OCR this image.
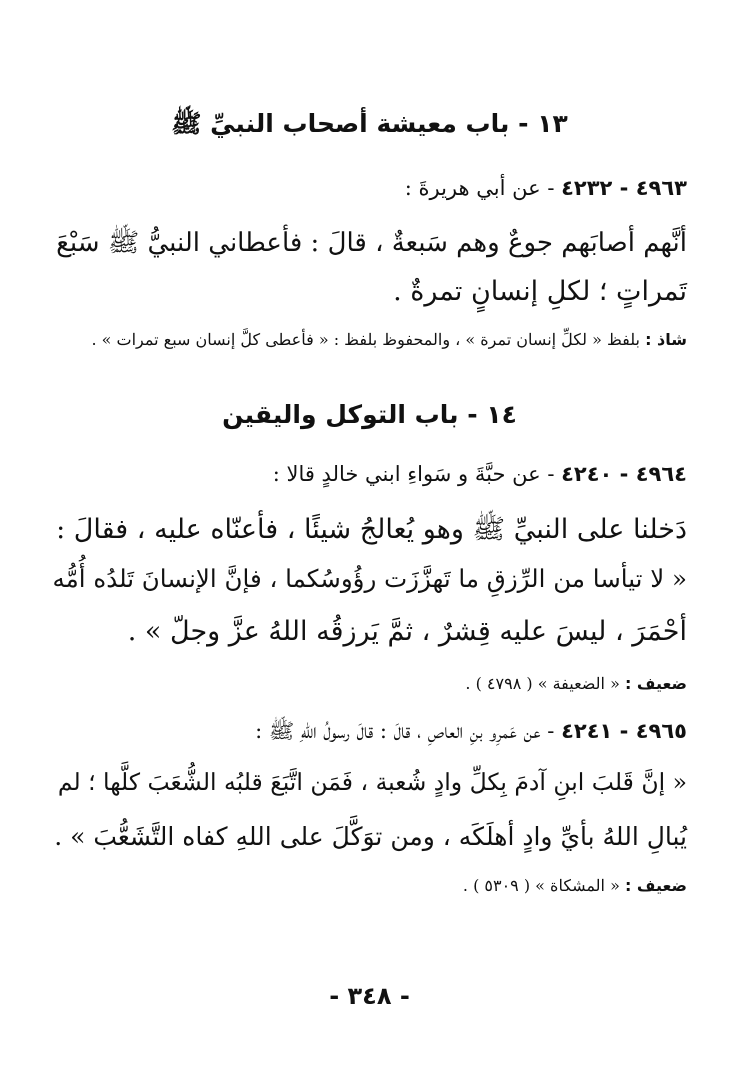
١٣ - باب معيشة أصحاب النبيِّ ﷺ
٤٩٦٣ - ٤٢٣٢ - عن أبي هريرةَ :
أنَّهم أصابَهم جوعٌ وهم سَبعةٌ ، قالَ : فأعطاني النبيُّ ﷺ سَبْعَ
تَمراتٍ ؛ لكلِ إنسانٍ تمرةٌ .
شاذ : بلفظ « لكلِّ إنسان تمرة » ، والمحفوظ بلفظ : « فأعطى كلَّ إنسان سبع تمرات » .
١٤ - باب التوكل واليقين
٤٩٦٤ - ٤٢٤٠ - عن حبَّةَ و سَواءِ ابني خالدٍ قالا :
دَخلنا على النبيِّ ﷺ وهو يُعالجُ شيئًا ، فأعنّاه عليه ، فقالَ :
« لا تيأسا من الرِّزقِ ما تَهزَّزَت رؤُوسُكما ، فإنَّ الإنسانَ تَلدُه أُمُّه
أحْمَرَ ، ليسَ عليه قِشرٌ ، ثمَّ يَرزقُه اللهُ عزَّ وجلّ » .
ضعيف : « الضعيفة » ( ٤٧٩٨ ) .
٤٩٦٥ - ٤٢٤١ - عن عَمرِو بنِ العاصِ ، قالَ : قالَ رسولُ اللهِ ﷺ :
« إنَّ قَلبَ ابنِ آدمَ بِكلِّ وادٍ شُعبة ، فَمَن اتَّبَعَ قلبُه الشُّعَبَ كلَّها ؛ لم
يُبالِ اللهُ بأيِّ وادٍ أهلَكَه ، ومن توَكَّلَ على اللهِ كفاه التَّشَعُّبَ » .
ضعيف : « المشكاة » ( ٥٣٠٩ ) .
- ٣٤٨ -
